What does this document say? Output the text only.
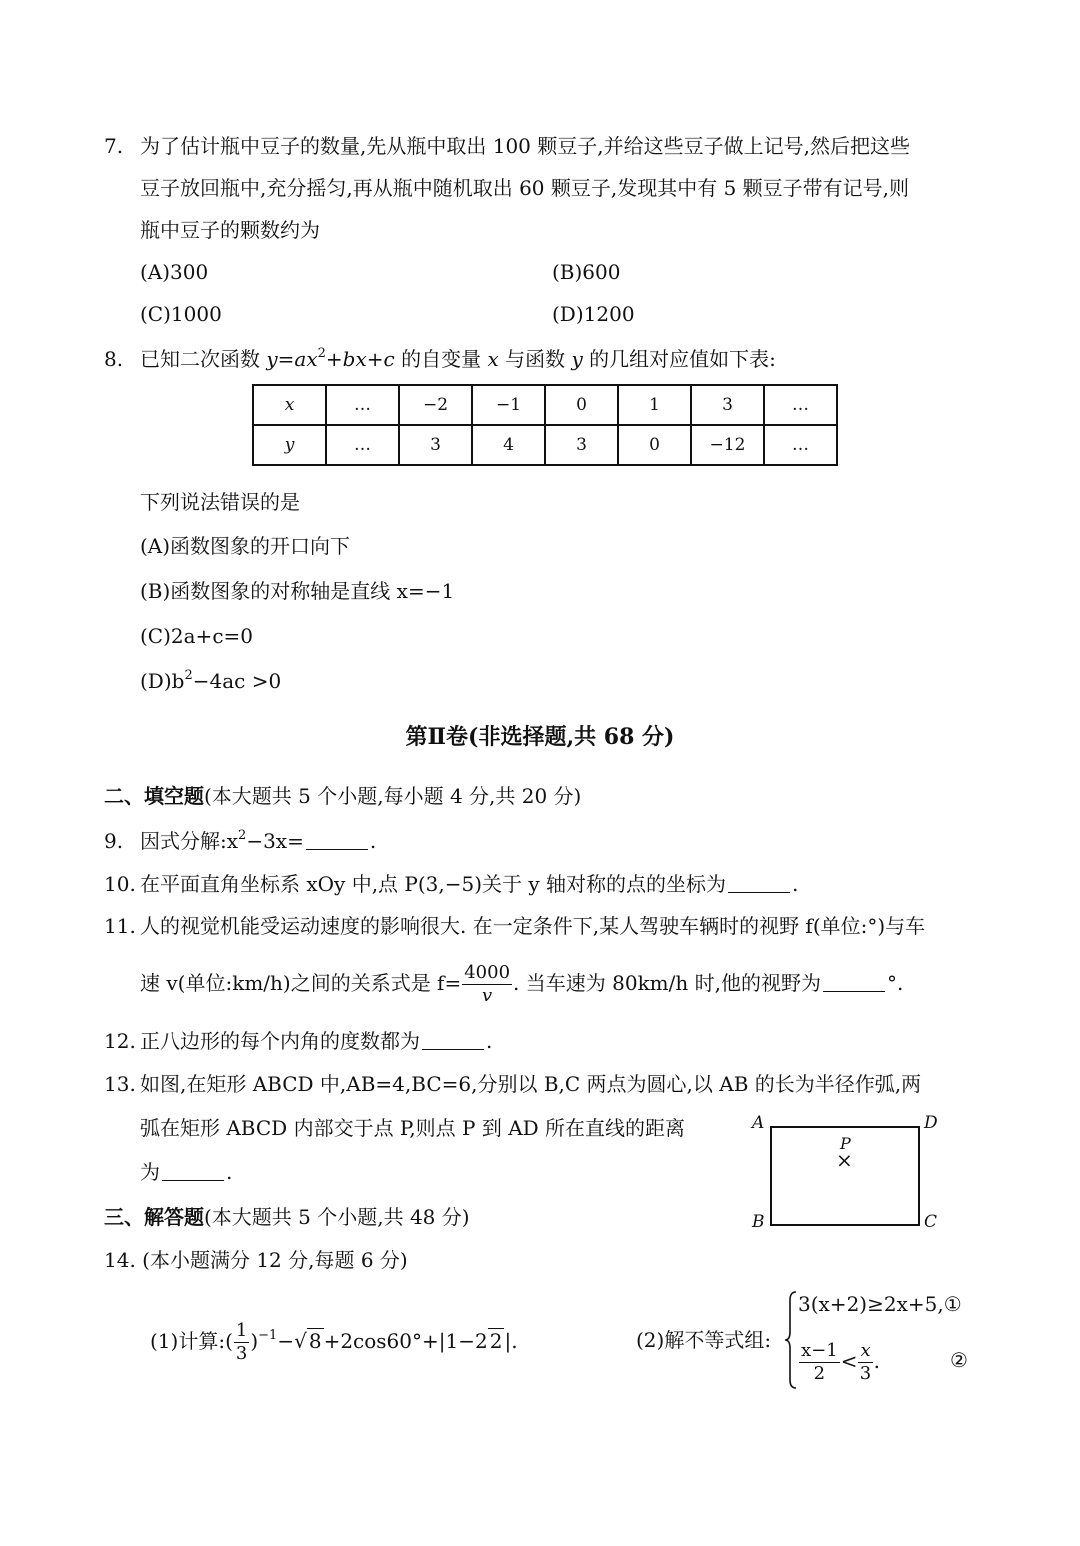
7. 为了估计瓶中豆子的数量,先从瓶中取出 100 颗豆子,并给这些豆子做上记号,然后把这些
豆子放回瓶中,充分摇匀,再从瓶中随机取出 60 颗豆子,发现其中有 5 颗豆子带有记号,则
瓶中豆子的颗数约为
(A)300	(B)600
(C)1000	(D)1200
8. 已知二次函数 $y=ax^2+bx+c$ 的自变量 x 与函数 y 的几组对应值如下表:
x	…	−2	−1	0	1	3	…
y	…	3	4	3	0	−12	…
下列说法错误的是
(A)函数图象的开口向下
(B)函数图象的对称轴是直线 x=−1
(C)2a+c=0
$(D)b^2-4ac >0$
第Ⅱ卷(非选择题,共 68 分)
二、填空题(本大题共 5 个小题,每小题 4 分,共 20 分)
9. 因式分解$:x^2-3x=$	.
10. 在平面直角坐标系 xOy 中,点 P(3,−5)关于 y 轴对称的点的坐标为	.
11. 人的视觉机能受运动速度的影响很大. 在一定条件下,某人驾驶车辆时的视野 f(单位:°)与车
速 v(单位:km/h)之间的关系式是 $f= \frac{4000}{v}$ . 当车速为 80km/h 时,他的视野为	°.
12. 正八边形的每个内角的度数都为	.
13. 如图,在矩形 ABCD 中,AB=4,BC=6,分别以 B,C 两点为圆心,以 AB 的长为半径作弧,两
弧在矩形 ABCD 内部交于点 P,则点 P 到 AD 所在直线的距离
为	.
A	D
B	C
P
×
三、解答题(本大题共 5 个小题,共 48 分)
14. (本小题满分 12 分,每题 6 分)
(1)计算:( $\frac{1}{3} )^{-1}-√$ 8 +2cos60°+|1−2 2 |.	(2)解不等式组:
3(x+2)≥2x+5,①
$\frac{x-1}{2} < \frac{x}{3}$ .	②
